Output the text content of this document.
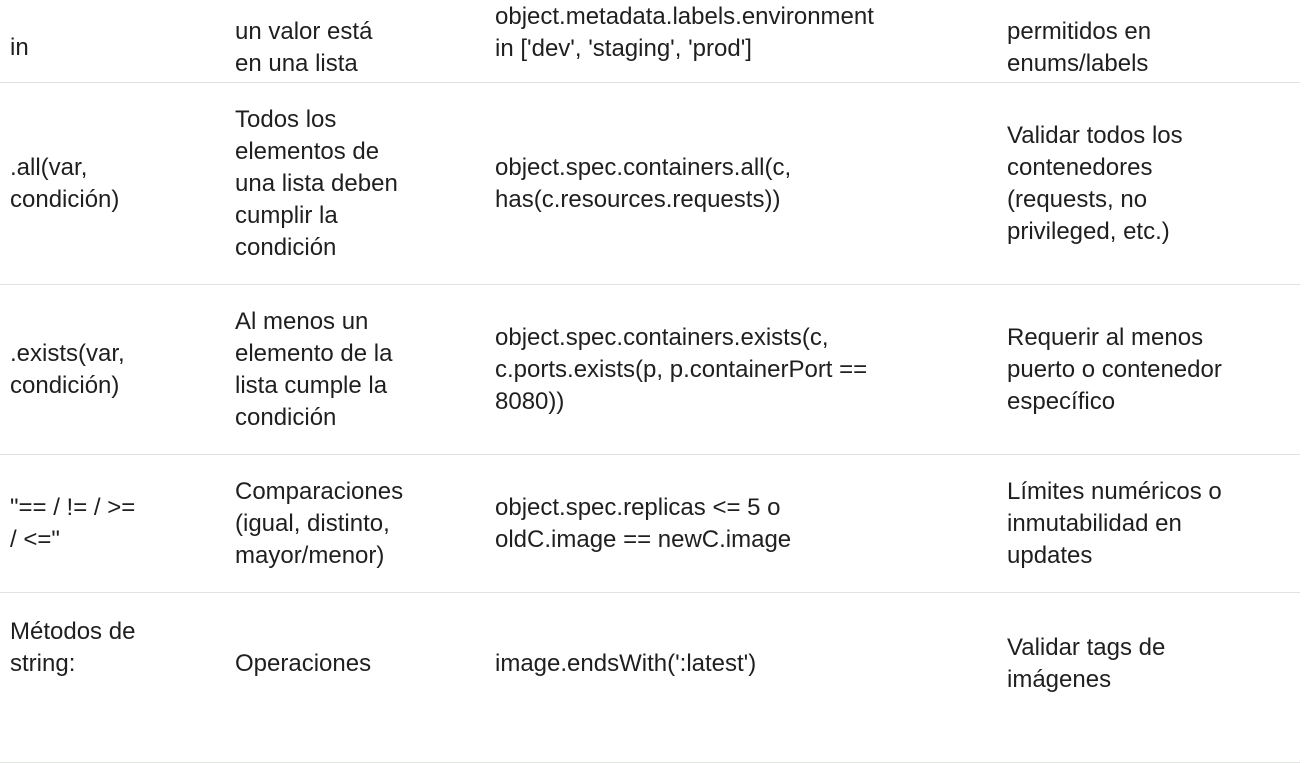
in
un valor está
en una lista
object.metadata.labels.environment
in ['dev', 'staging', 'prod']
permitidos en
enums/labels
.all(var,
condición)
Todos los
elementos de
una lista deben
cumplir la
condición
object.spec.containers.all(c,
has(c.resources.requests))
Validar todos los
contenedores
(requests, no
privileged, etc.)
.exists(var,
condición)
Al menos un
elemento de la
lista cumple la
condición
object.spec.containers.exists(c,
c.ports.exists(p, p.containerPort ==
8080))
Requerir al menos
puerto o contenedor
específico
"== / != / >=
/ <="
Comparaciones
(igual, distinto,
mayor/menor)
object.spec.replicas <= 5 o
oldC.image == newC.image
Límites numéricos o
inmutabilidad en
updates
Métodos de
string:	Operaciones	image.endsWith(':latest')
Validar tags de
imágenes
